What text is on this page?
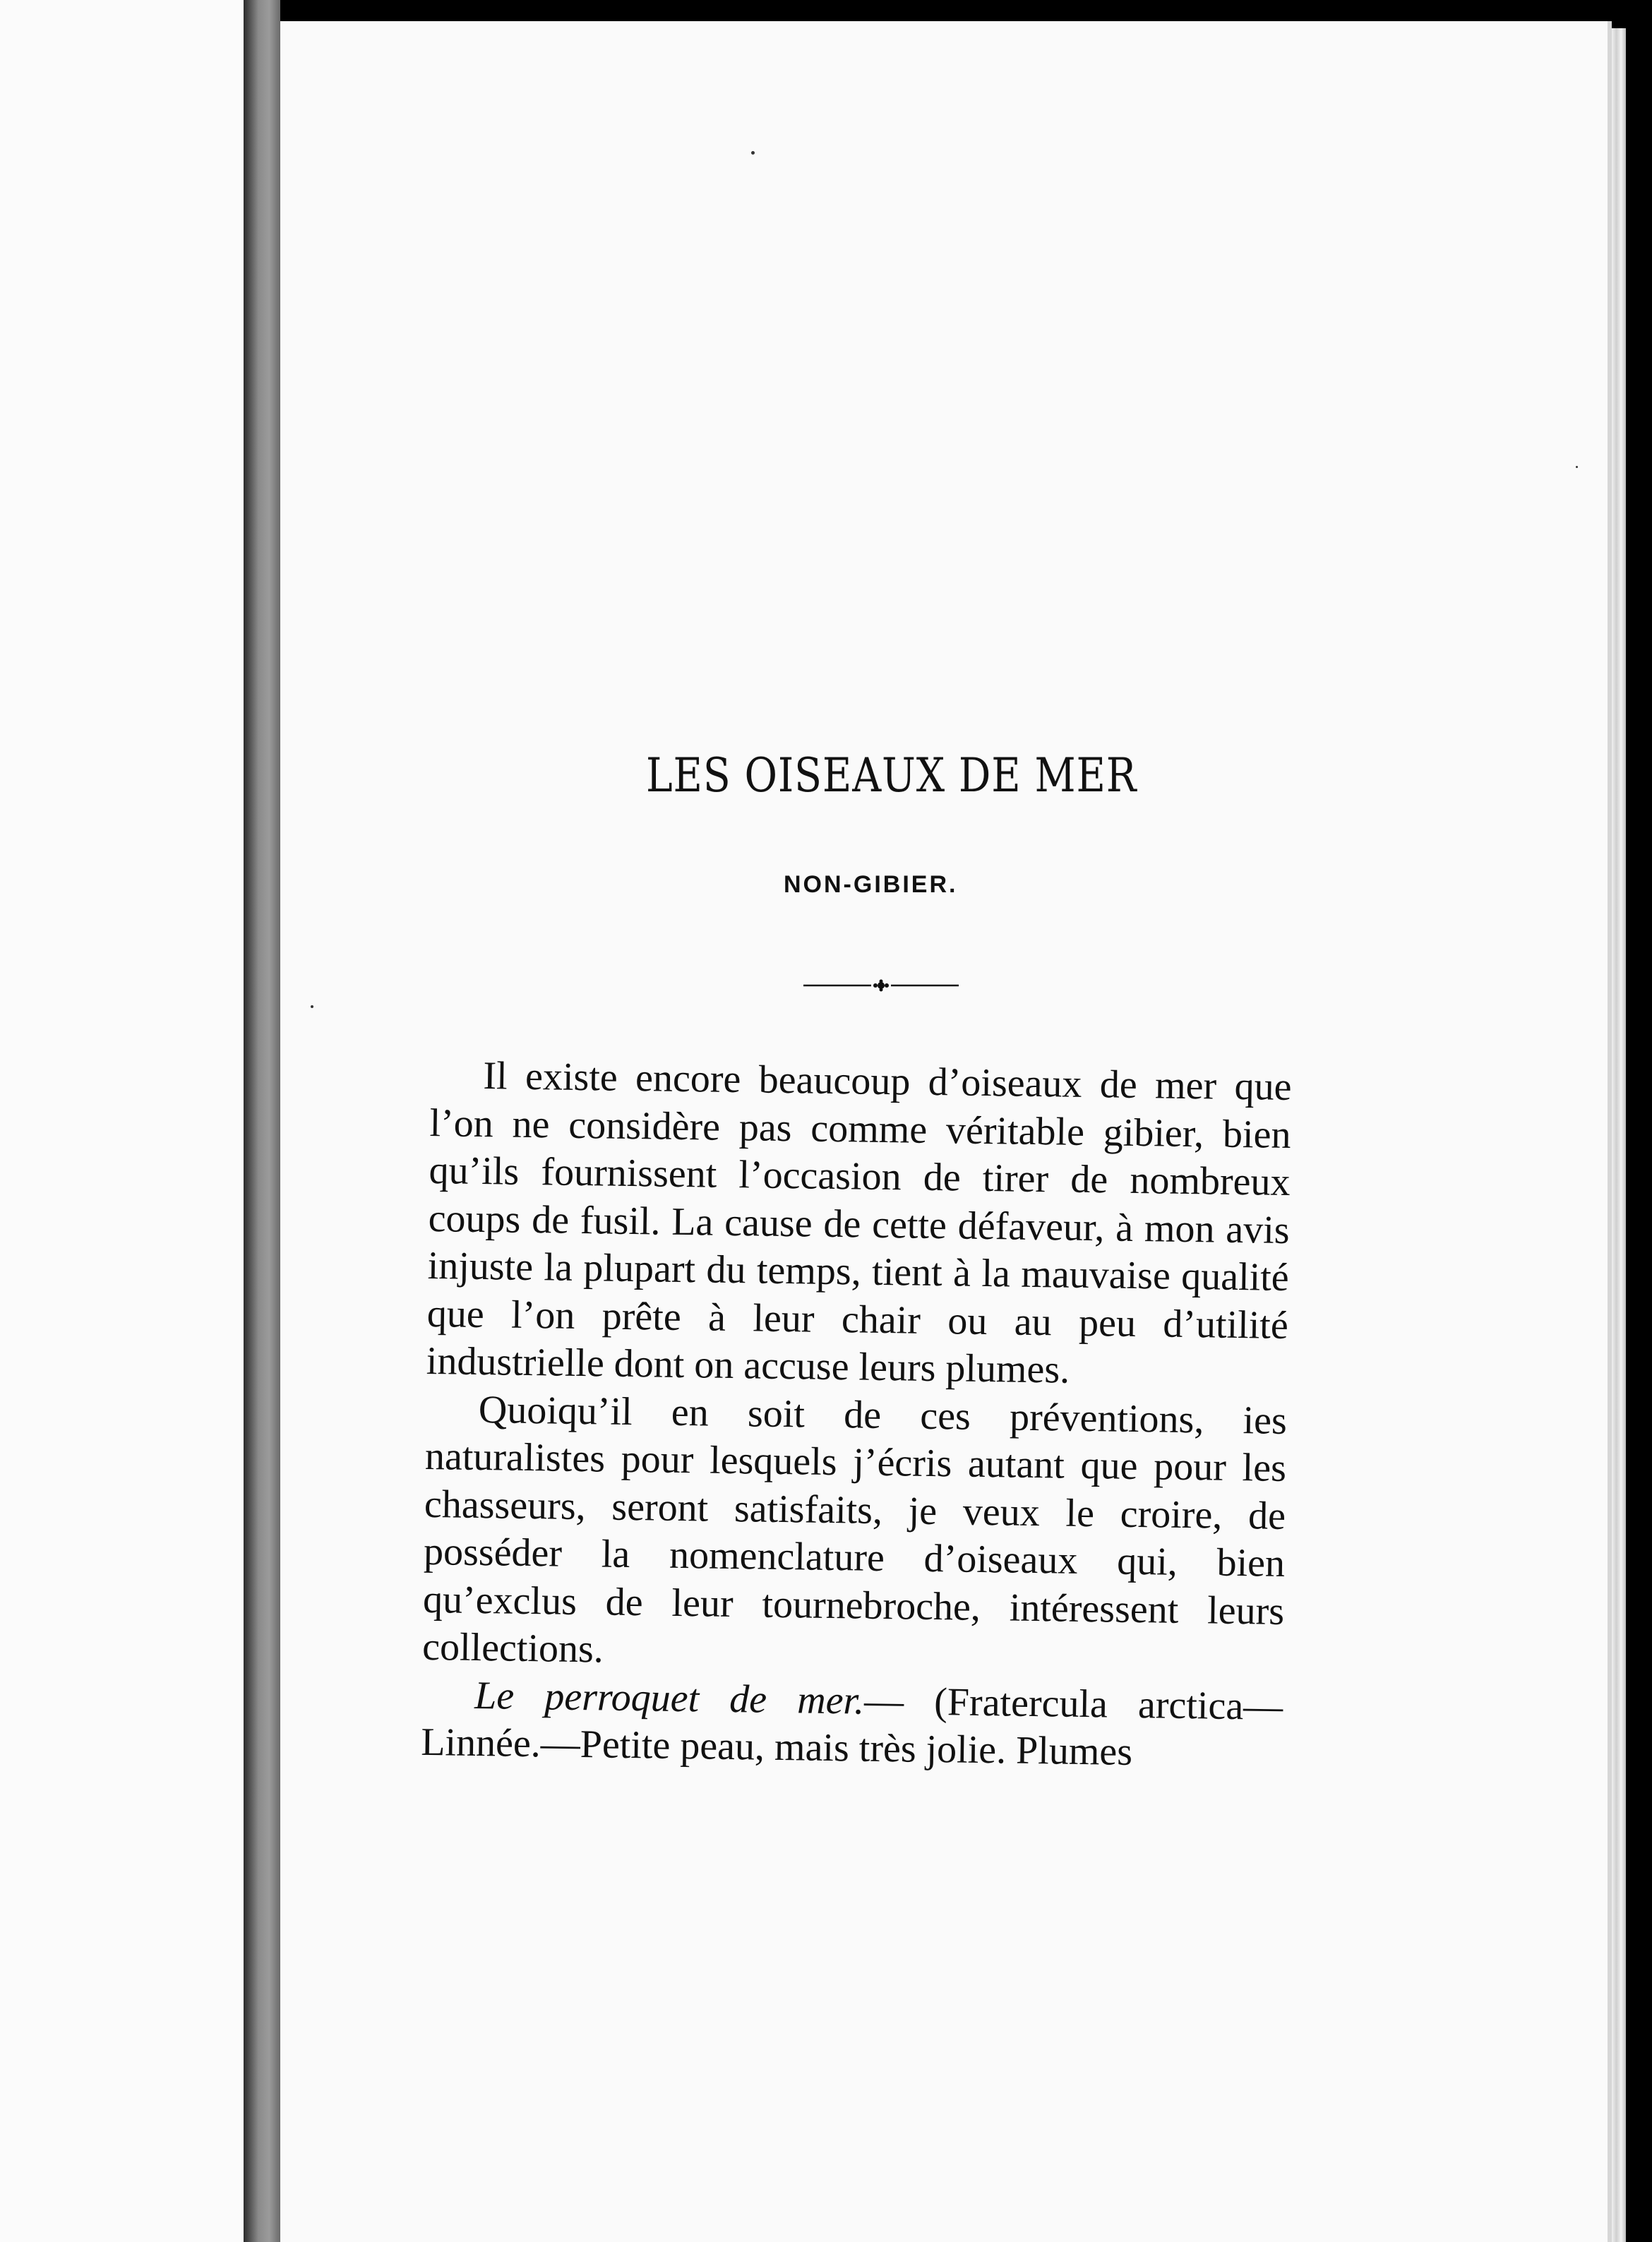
LES OISEAUX DE MER
NON-GIBIER.

Il existe encore beaucoup d’oiseaux de mer que l’on ne considère pas comme véritable gibier, bien qu’ils fournissent l’occasion de tirer de nombreux coups de fusil. La cause de cette défaveur, à mon avis injuste la plupart du temps, tient à la mauvaise qualité que l’on prête à leur chair ou au peu d’utilité industrielle dont on accuse leurs plumes.

Quoiqu’il en soit de ces préventions, ies naturalistes pour lesquels j’écris autant que pour les chasseurs, seront satisfaits, je veux le croire, de posséder la nomenclature d’oiseaux qui, bien qu’exclus de leur tournebroche, intéressent leurs collections.

Le perroquet de mer.— (Fratercula arctica—Linnée.—Petite peau, mais très jolie. Plumes
